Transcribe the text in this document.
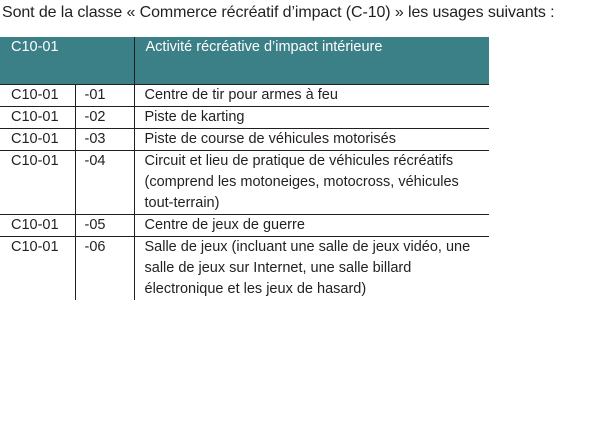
Sont de la classe « Commerce récréatif d’impact (C-10) » les usages suivants :
C10-01		Activité récréative d’impact intérieure
C10-01	-01	Centre de tir pour armes à feu
C10-01	-02	Piste de karting
C10-01	-03	Piste de course de véhicules motorisés
C10-01	-04	Circuit et lieu de pratique de véhicules récréatifs (comprend les motoneiges, motocross, véhicules tout-terrain)
C10-01	-05	Centre de jeux de guerre
C10-01	-06	Salle de jeux (incluant une salle de jeux vidéo, une salle de jeux sur Internet, une salle billard électronique et les jeux de hasard)
